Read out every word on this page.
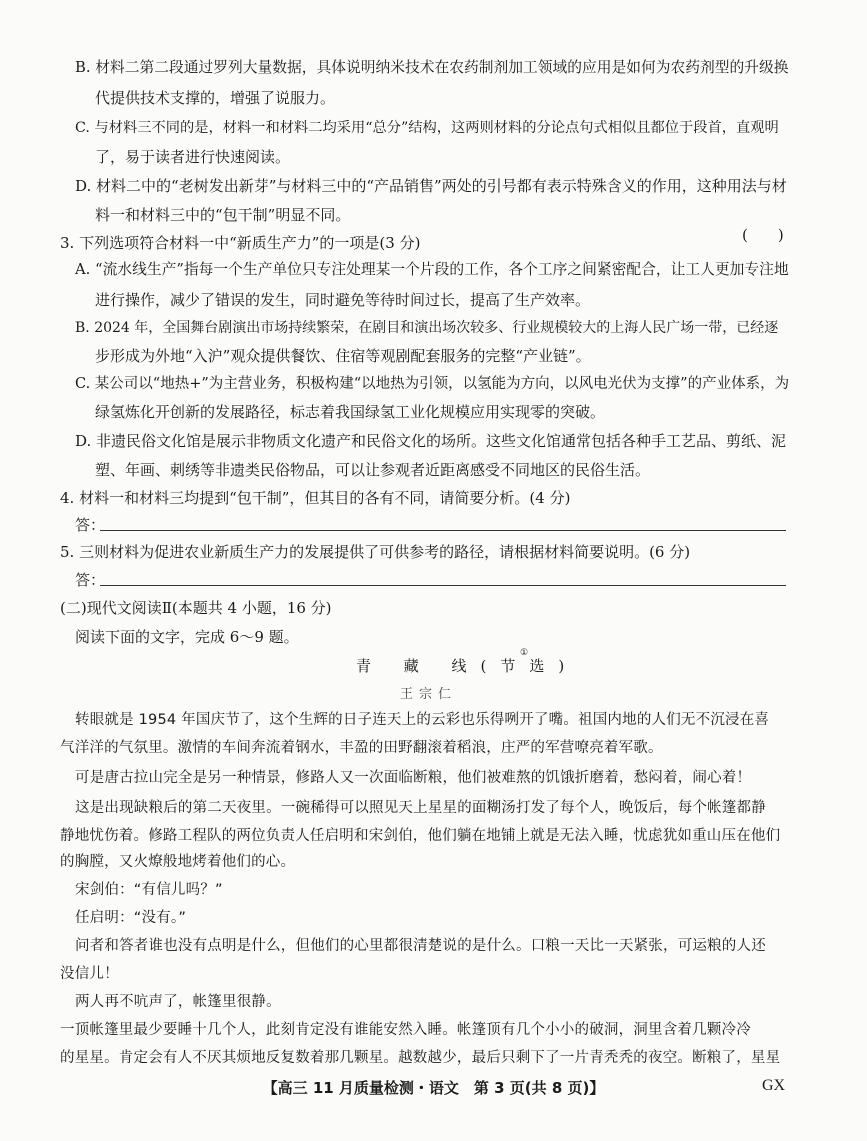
B. 材料二第二段通过罗列大量数据，具体说明纳米技术在农药制剂加工领域的应用是如何为农药剂型的升级换
代提供技术支撑的，增强了说服力。
C. 与材料三不同的是，材料一和材料二均采用“总分”结构，这两则材料的分论点句式相似且都位于段首，直观明
了，易于读者进行快速阅读。
D. 材料二中的“老树发出新芽”与材料三中的“产品销售”两处的引号都有表示特殊含义的作用，这种用法与材
料一和材料三中的“包干制”明显不同。
3. 下列选项符合材料一中“新质生产力”的一项是(3 分)	(　　)
A. “流水线生产”指每一个生产单位只专注处理某一个片段的工作，各个工序之间紧密配合，让工人更加专注地
进行操作，减少了错误的发生，同时避免等待时间过长，提高了生产效率。
B. 2024 年，全国舞台剧演出市场持续繁荣，在剧目和演出场次较多、行业规模较大的上海人民广场一带，已经逐
步形成为外地“入沪”观众提供餐饮、住宿等观剧配套服务的完整“产业链”。
C. 某公司以“地热+”为主营业务，积极构建“以地热为引领，以氢能为方向，以风电光伏为支撑”的产业体系，为
绿氢炼化开创新的发展路径，标志着我国绿氢工业化规模应用实现零的突破。
D. 非遗民俗文化馆是展示非物质文化遗产和民俗文化的场所。这些文化馆通常包括各种手工艺品、剪纸、泥
塑、年画、刺绣等非遗类民俗物品，可以让参观者近距离感受不同地区的民俗生活。
4. 材料一和材料三均提到“包干制”，但其目的各有不同，请简要分析。(4 分)
答：
5. 三则材料为促进农业新质生产力的发展提供了可供参考的路径，请根据材料简要说明。(6 分)
答：
(二)现代文阅读Ⅱ(本题共 4 小题，16 分)
阅读下面的文字，完成 6～9 题。
青 藏 线(节选)
①
王宗仁
转眼就是 1954 年国庆节了，这个生辉的日子连天上的云彩也乐得咧开了嘴。祖国内地的人们无不沉浸在喜
气洋洋的气氛里。激情的车间奔流着钢水，丰盈的田野翻滚着稻浪，庄严的军营嘹亮着军歌。
可是唐古拉山完全是另一种情景，修路人又一次面临断粮，他们被难熬的饥饿折磨着，愁闷着，闹心着！
这是出现缺粮后的第二天夜里。一碗稀得可以照见天上星星的面糊汤打发了每个人，晚饭后，每个帐篷都静
静地忧伤着。修路工程队的两位负责人任启明和宋剑伯，他们躺在地铺上就是无法入睡，忧虑犹如重山压在他们
的胸膛，又火燎般地烤着他们的心。
宋剑伯：“有信儿吗？”
任启明：“没有。”
问者和答者谁也没有点明是什么，但他们的心里都很清楚说的是什么。口粮一天比一天紧张，可运粮的人还
没信儿！
两人再不吭声了，帐篷里很静。
一顶帐篷里最少要睡十几个人，此刻肯定没有谁能安然入睡。帐篷顶有几个小小的破洞，洞里含着几颗冷冷
的星星。肯定会有人不厌其烦地反复数着那几颗星。越数越少，最后只剩下了一片青秃秃的夜空。断粮了，星星
【高三 11 月质量检测・语文　第 3 页(共 8 页)】	GX
